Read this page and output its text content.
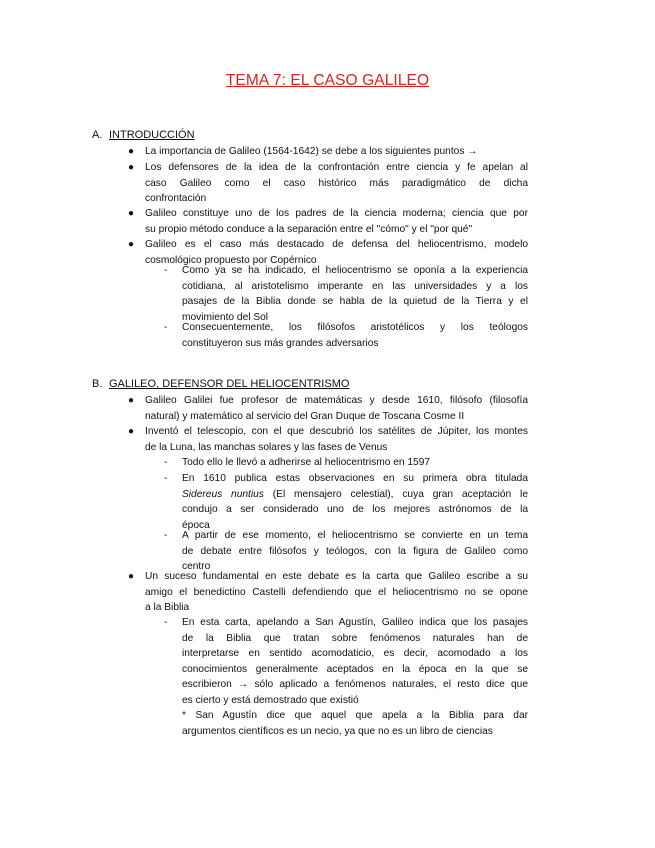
TEMA 7: EL CASO GALILEO
A. INTRODUCCIÓN
● La importancia de Galileo (1564-1642) se debe a los siguientes puntos →
● Los defensores de la idea de la confrontación entre ciencia y fe apelan al
caso Galileo como el caso histórico más paradigmático de dicha
confrontación
● Galileo constituye uno de los padres de la ciencia moderna; ciencia que por
su propio método conduce a la separación entre el "cómo" y el "por qué"
● Galileo es el caso más destacado de defensa del heliocentrismo, modelo
cosmológico propuesto por Copérnico
- Como ya se ha indicado, el heliocentrismo se oponía a la experiencia
cotidiana, al aristotelismo imperante en las universidades y a los
pasajes de la Biblia donde se habla de la quietud de la Tierra y el
movimiento del Sol
- Consecuentemente, los filósofos aristotélicos y los teólogos
constituyeron sus más grandes adversarios
B. GALILEO, DEFENSOR DEL HELIOCENTRISMO
● Galileo Galilei fue profesor de matemáticas y desde 1610, filósofo (filosofía
natural) y matemático al servicio del Gran Duque de Toscana Cosme II
● Inventó el telescopio, con el que descubrió los satélites de Júpiter, los montes
de la Luna, las manchas solares y las fases de Venus
- Todo ello le llevó a adherirse al heliocentrismo en 1597
- En 1610 publica estas observaciones en su primera obra titulada
Sidereus nuntius (El mensajero celestial), cuya gran aceptación le
condujo a ser considerado uno de los mejores astrónomos de la
época
- A partir de ese momento, el heliocentrismo se convierte en un tema
de debate entre filósofos y teólogos, con la figura de Galileo como
centro
● Un suceso fundamental en este debate es la carta que Galileo escribe a su
amigo el benedictino Castelli defendiendo que el heliocentrismo no se opone
a la Biblia
- En esta carta, apelando a San Agustín, Galileo indica que los pasajes
de la Biblia que tratan sobre fenómenos naturales han de
interpretarse en sentido acomodaticio, es decir, acomodado a los
conocimientos generalmente aceptados en la época en la que se
escribieron → sólo aplicado a fenómenos naturales, el resto dice que
es cierto y está demostrado que existió
* San Agustín dice que aquel que apela a la Biblia para dar
argumentos científicos es un necio, ya que no es un libro de ciencias
